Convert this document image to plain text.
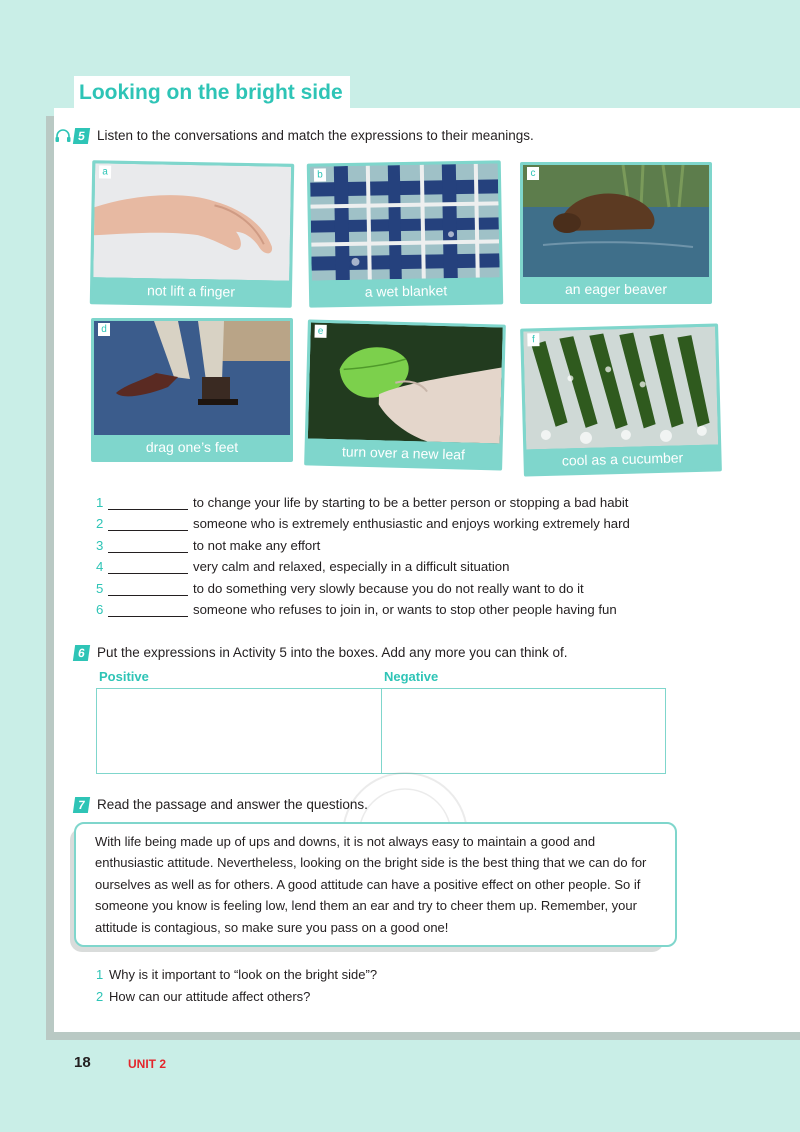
Looking on the bright side
5 Listen to the conversations and match the expressions to their meanings.
a
not lift a finger
b
a wet blanket
c
an eager beaver
d
drag one’s feet
e
turn over a new leaf
f
cool as a cucumber
1	to change your life by starting to be a better person or stopping a bad habit
2	someone who is extremely enthusiastic and enjoys working extremely hard
3	to not make any effort
4	very calm and relaxed, especially in a difficult situation
5	to do something very slowly because you do not really want to do it
6	someone who refuses to join in, or wants to stop other people having fun
6 Put the expressions in Activity 5 into the boxes. Add any more you can think of.
Positive	Negative
7 Read the passage and answer the questions.
With life being made up of ups and downs, it is not always easy to maintain a good and enthusiastic attitude. Nevertheless, looking on the bright side is the best thing that we can do for ourselves as well as for others. A good attitude can have a positive effect on other people. So if someone you know is feeling low, lend them an ear and try to cheer them up. Remember, your attitude is contagious, so make sure you pass on a good one!
1 Why is it important to “look on the bright side”?
2 How can our attitude affect others?
18	UNIT 2
